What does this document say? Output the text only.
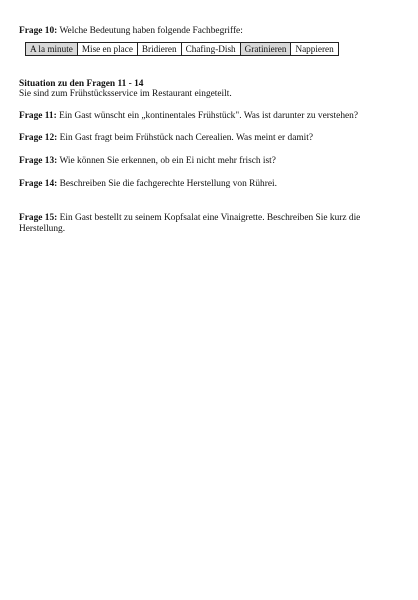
Frage 10: Welche Bedeutung haben folgende Fachbegriffe:
A la minute Mise en place Bridieren Chafing-Dish Gratinieren Nappieren
Situation zu den Fragen 11 - 14
Sie sind zum Frühstücksservice im Restaurant eingeteilt.
Frage 11: Ein Gast wünscht ein „kontinentales Frühstück". Was ist darunter zu verstehen?
Frage 12: Ein Gast fragt beim Frühstück nach Cerealien. Was meint er damit?
Frage 13: Wie können Sie erkennen, ob ein Ei nicht mehr frisch ist?
Frage 14: Beschreiben Sie die fachgerechte Herstellung von Rührei.
Frage 15: Ein Gast bestellt zu seinem Kopfsalat eine Vinaigrette. Beschreiben Sie kurz die Herstellung.
